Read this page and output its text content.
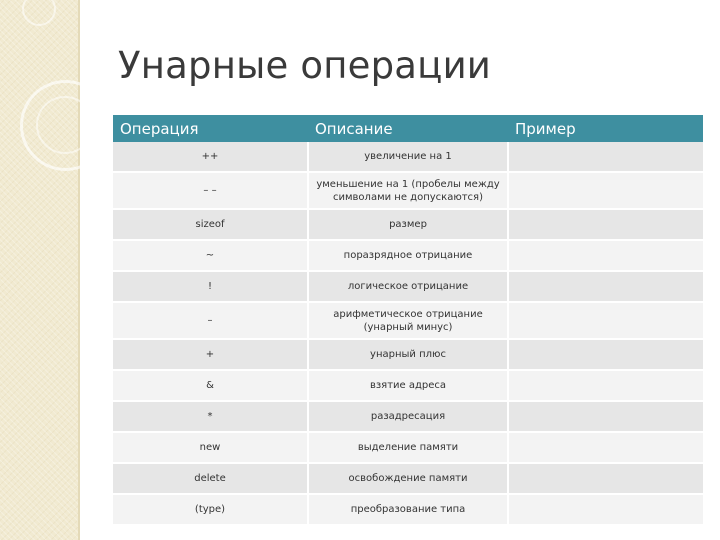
Унарные операции
Операция	Описание	Пример
++	увеличение на 1	
– –	уменьшение на 1 (пробелы между символами не допускаются)	
sizeof	размер	
~	поразрядное отрицание	
!	логическое отрицание	
–	арифметическое отрицание (унарный минус)	
+	унарный плюс	
&	взятие адреса	
*	разадресация	
new	выделение памяти	
delete	освобождение памяти	
(type)	преобразование типа	
